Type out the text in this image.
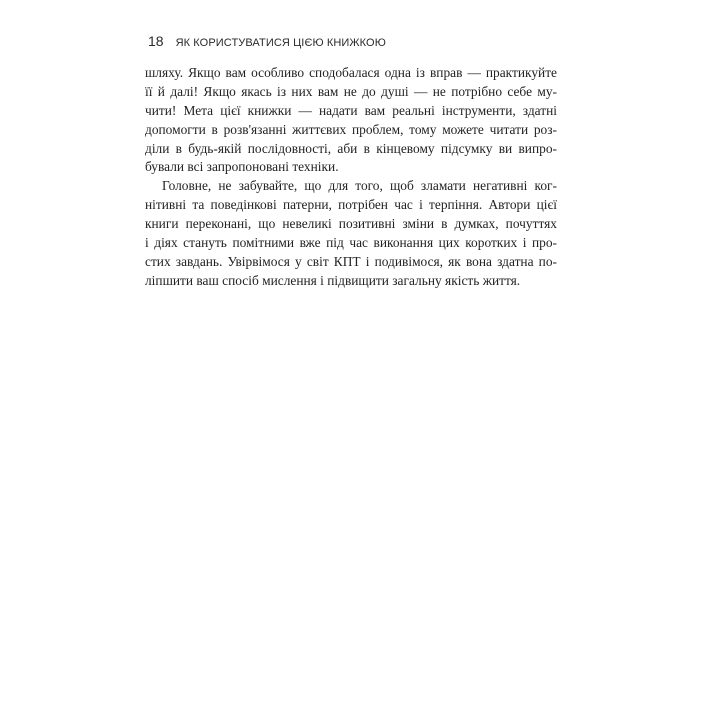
18 ЯК КОРИСТУВАТИСЯ ЦІЄЮ КНИЖКОЮ
шляху. Якщо вам особливо сподобалася одна із вправ — практикуйте
її й далі! Якщо якась із них вам не до душі — не потрібно себе му-
чити! Мета цієї книжки — надати вам реальні інструменти, здатні
допомогти в розв'язанні життєвих проблем, тому можете читати роз-
діли в будь-якій послідовності, аби в кінцевому підсумку ви випро-
бували всі запропоновані техніки.
Головне, не забувайте, що для того, щоб зламати негативні ког-
нітивні та поведінкові патерни, потрібен час і терпіння. Автори цієї
книги переконані, що невеликі позитивні зміни в думках, почуттях
і діях стануть помітними вже під час виконання цих коротких і про-
стих завдань. Увірвімося у світ КПТ і подивімося, як вона здатна по-
ліпшити ваш спосіб мислення і підвищити загальну якість життя.
